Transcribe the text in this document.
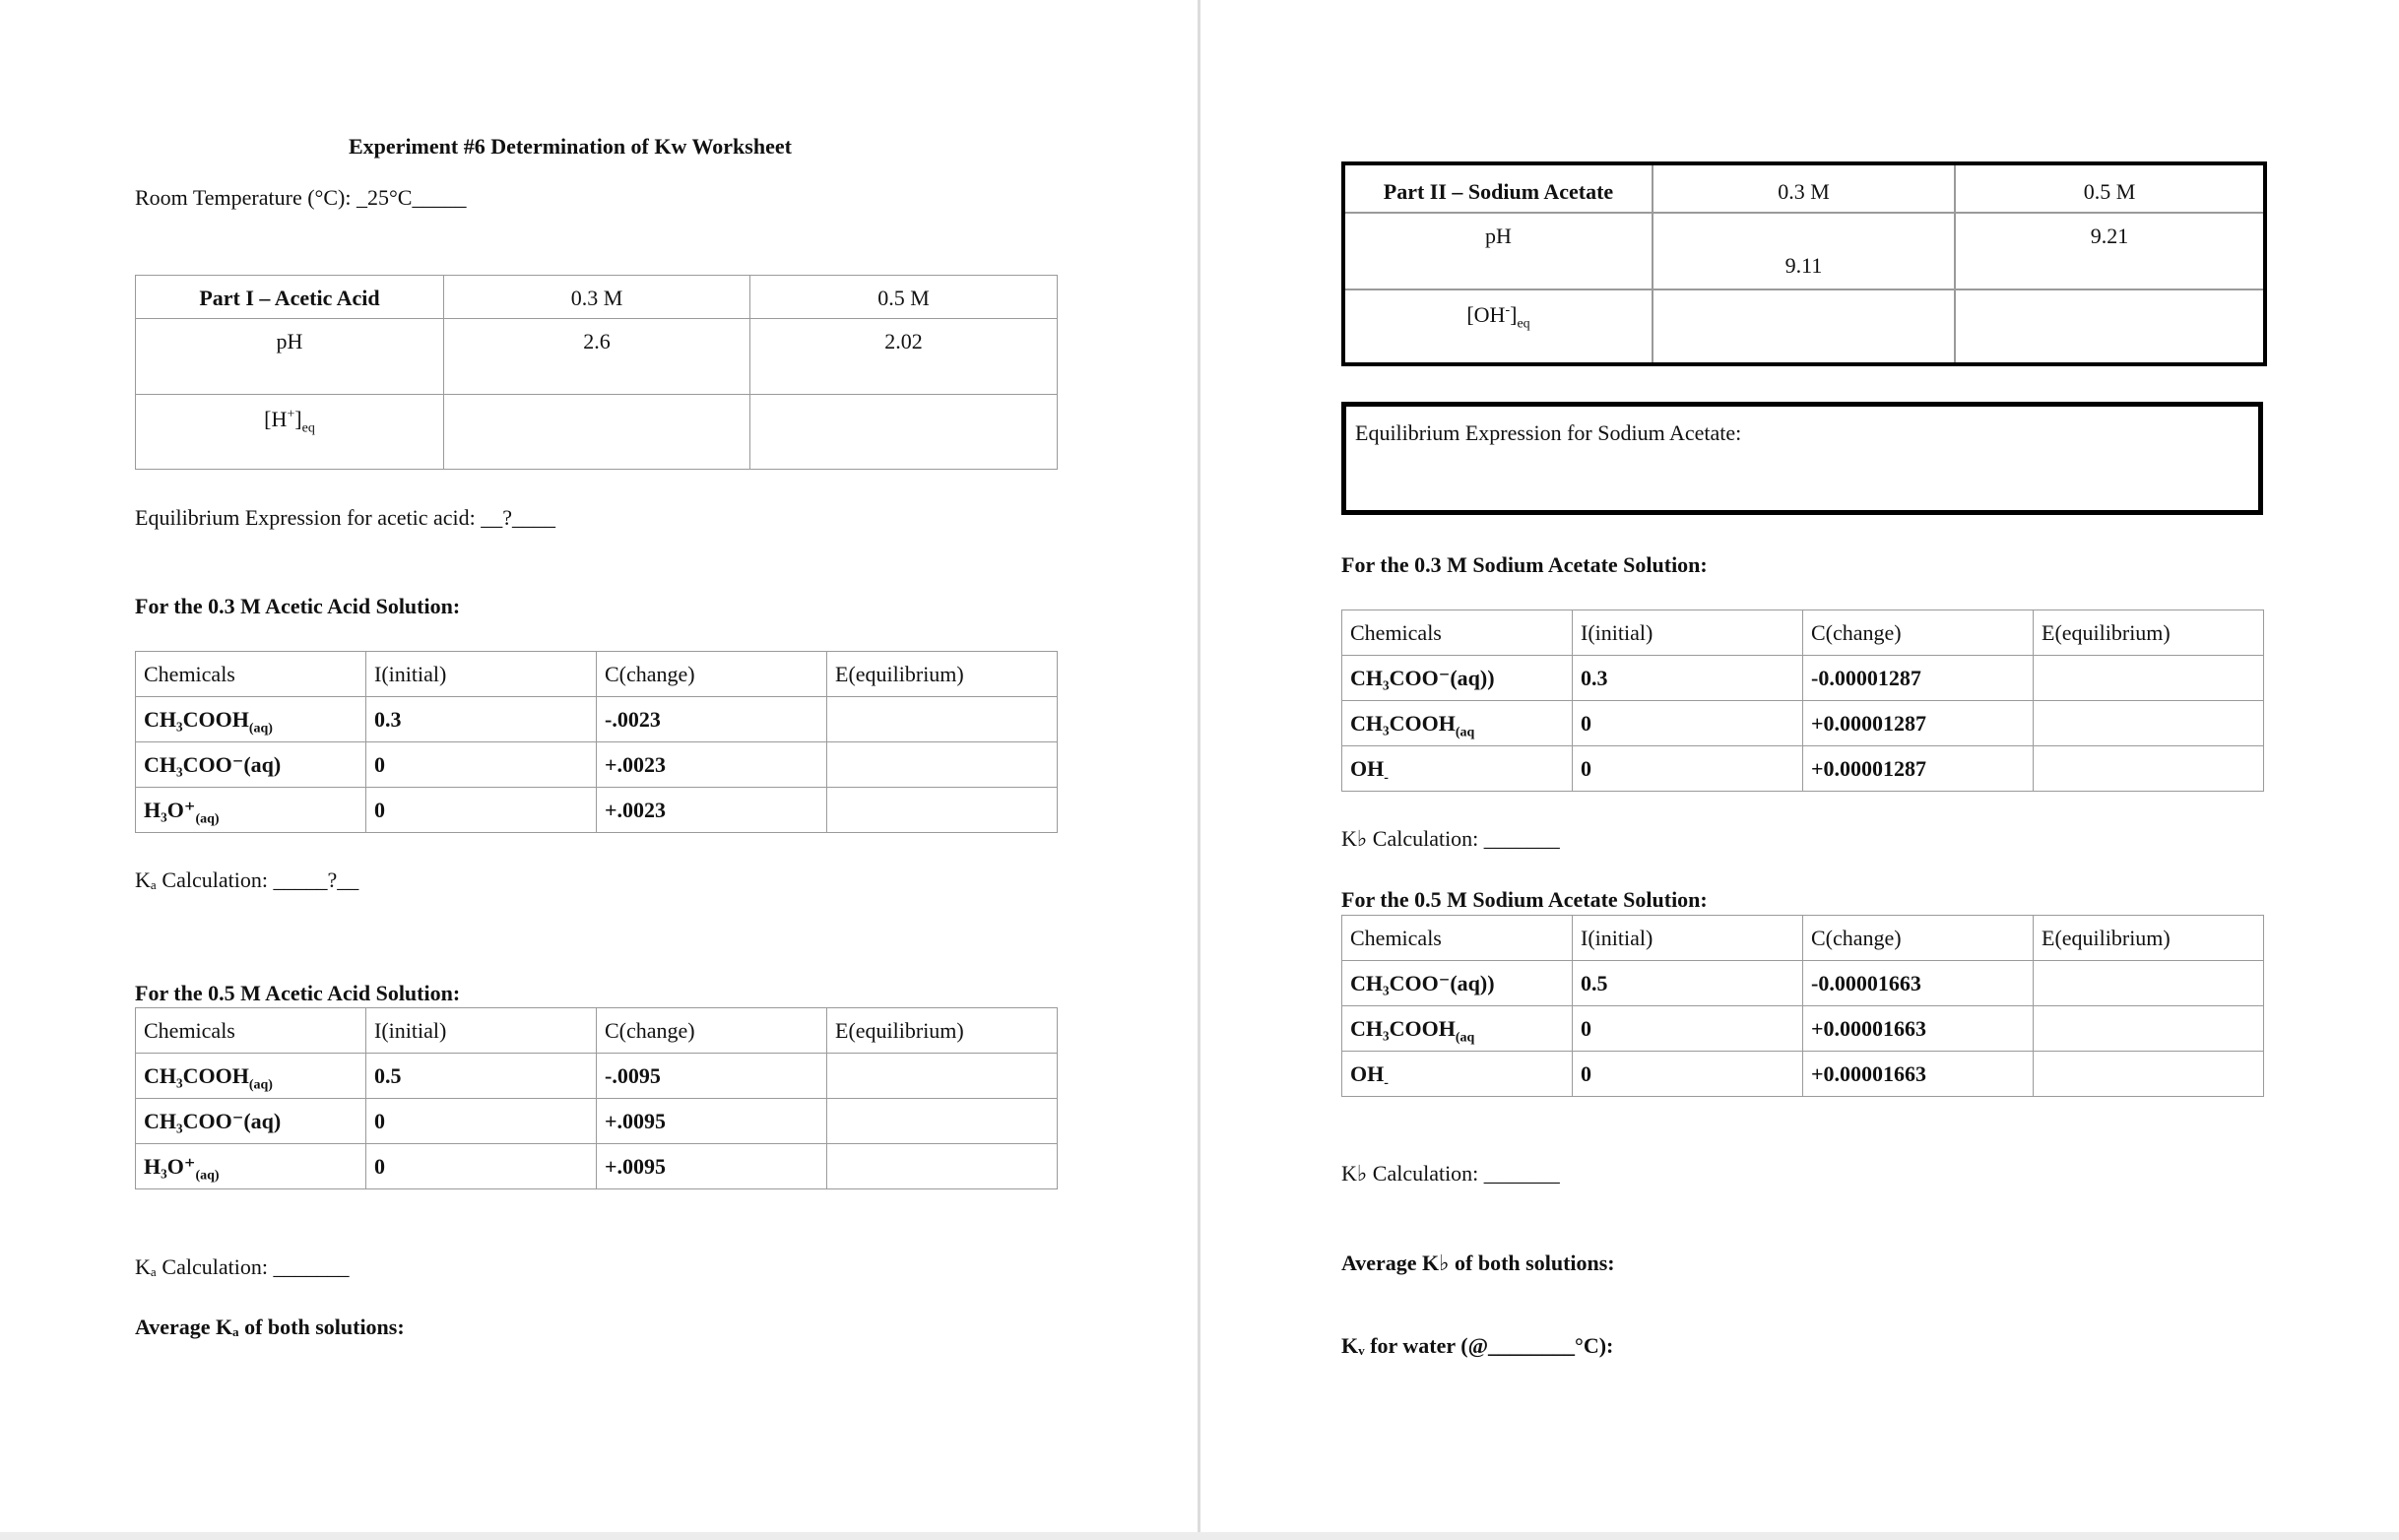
Experiment #6 Determination of Kw Worksheet
Room Temperature (°C): _25°C_____
Part I – Acetic Acid	0.3 M	0.5 M

pH	2.6	2.02

$[H^+]_{eq}$

Equilibrium Expression for acetic acid: __?____
For the 0.3 M Acetic Acid Solution:
Chemicals	I(initial)	C(change)	E(equilibrium)

$CH_3COOH_{(aq)}$	0.3	-.0023	

CH₃COO⁻(aq)	0	+.0023	

$H_3O^+_{(aq)}$	0	+.0023	

Kₐ Calculation: _____?__
For the 0.5 M Acetic Acid Solution:
Chemicals	I(initial)	C(change)	E(equilibrium)

$CH_3COOH_{(aq)}$	0.5	-.0095	

CH₃COO⁻(aq)	0	+.0095	

$H_3O^+_{(aq)}$	0	+.0095	

Kₐ Calculation: _______
Average Kₐ of both solutions:
Part II – Sodium Acetate	0.3 M	0.5 M

pH	9.11	9.21

$[OH^-]_{eq}$

Equilibrium Expression for Sodium Acetate:
For the 0.3 M Sodium Acetate Solution:
Chemicals	I(initial)	C(change)	E(equilibrium)

CH₃COO⁻(aq))	0.3	-0.00001287	

$CH_3COOH_{(aq}$	0	+0.00001287	

$OH_-$	0	+0.00001287	

K♭ Calculation: _______
For the 0.5 M Sodium Acetate Solution:
Chemicals	I(initial)	C(change)	E(equilibrium)

CH₃COO⁻(aq))	0.5	-0.00001663	

$CH_3COOH_{(aq}$	0	+0.00001663	

$OH_-$	0	+0.00001663	

K♭ Calculation: _______
Average K♭ of both solutions:
Kᵥ for water (@________°C):
